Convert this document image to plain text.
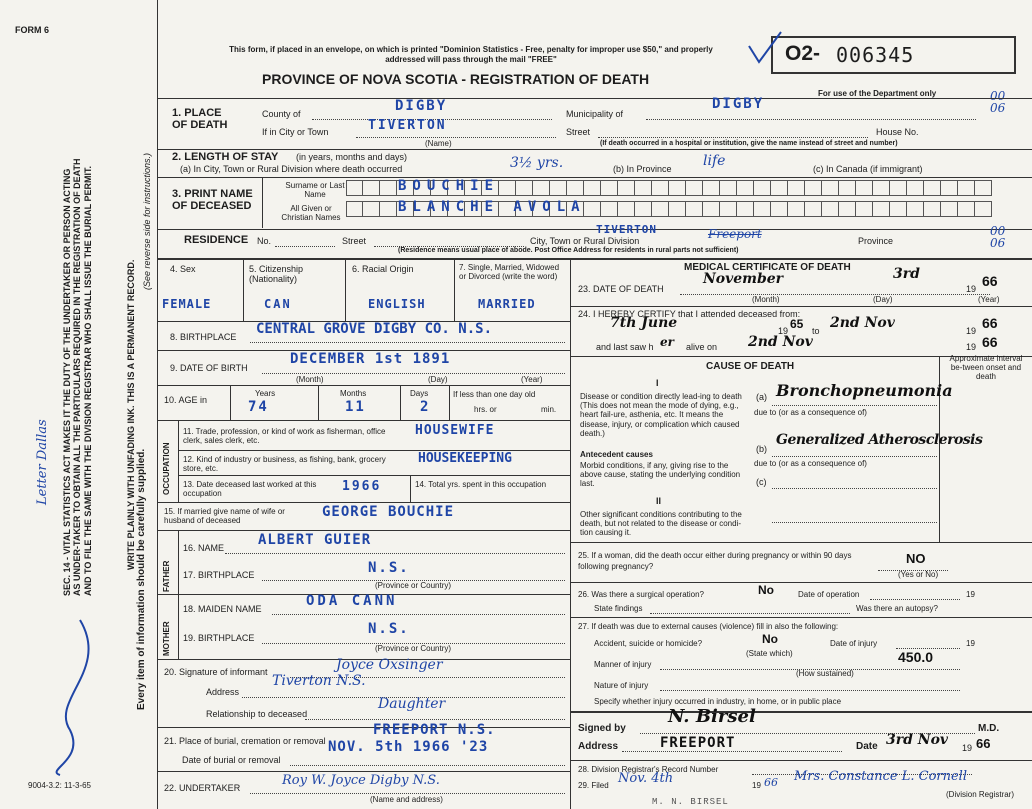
FORM 6
SEC. 14 - VITAL STATISTICS ACT MAKES IT THE DUTY OF THE UNDERTAKER OR PERSON ACTING AS UNDER-TAKER TO OBTAIN ALL THE PARTICULARS REQUIRED IN THE REGISTRATION OF DEATH AND TO FILE THE SAME WITH THE DIVISION REGISTRAR WHO SHALL ISSUE THE BURIAL PERMIT.	WRITE PLAINLY WITH UNFADING INK. THIS IS A PERMANENT RECORD.
(See reverse side for instructions.)
Every item of information should be carefully supplied.
Letter Dallas
9004-3.2: 11-3-65
This form, if placed in an envelope, on which is printed "Dominion Statistics - Free, penalty for improper use $50," and properly addressed will pass through the mail "FREE"
PROVINCE OF NOVA SCOTIA - REGISTRATION OF DEATH
O2- 006345
For use of the Department only	00 06
1. PLACE OF DEATH
County of	DIGBY	Municipality of
DIGBY
If in City or Town	TIVERTON
(Name)
Street	House No.
(If death occurred in a hospital or institution, give the name instead of street and number)
2. LENGTH OF STAY (in years, months and days)
(a) In City, Town or Rural Division where death occurred	3½ yrs.	(b) In Province life	(c) In Canada (if immigrant)
3. PRINT NAME OF DECEASED
Surname or Last Name
All Given or Christian Names
BOUCHIE
BLANCHE AVOLA
RESIDENCE No.	Street	City, Town or Rural Division
TIVERTON	Freeport	Province
00 06
(Residence means usual place of abode. Post Office Address for residents in rural parts not sufficient)
4. Sex	5. Citizenship (Nationality)
6. Racial Origin	7. Single, Married, Widowed or Divorced (write the word)
FEMALE	CAN	ENGLISH	MARRIED
8. BIRTHPLACE CENTRAL GROVE DIGBY CO. N.S.
9. DATE OF BIRTH
DECEMBER 1st 1891
(Month)	(Day)	(Year)
10. AGE in
Years	Months	Days
74	11	2
If less than one day old
hrs. or	min.
OCCUPATION
11. Trade, profession, or kind of work as fisherman, office clerk, sales clerk, etc.
HOUSEWIFE
12. Kind of industry or business, as fishing, bank, grocery store, etc.
HOUSEKEEPING
13. Date deceased last worked at this occupation	1966	14. Total yrs. spent in this occupation
15. If married give name of wife or husband of deceased
GEORGE BOUCHIE
FATHER
16. NAME ALBERT GUIER
17. BIRTHPLACE	N.S.
(Province or Country)
MOTHER
18. MAIDEN NAME	ODA CANN
19. BIRTHPLACE
N.S.
(Province or Country)
20. Signature of informant	Joyce Oxsinger
Address
Tiverton N.S.
Relationship to deceased
Daughter
21. Place of burial, cremation or removal
FREEPORT N.S.
Date of burial or removal
NOV. 5th 1966 '23
22. UNDERTAKER	Roy W. Joyce Digby N.S.
(Name and address)
MEDICAL CERTIFICATE OF DEATH
23. DATE OF DEATH
November	3rd
19 66
(Month)	(Day)	(Year)
24. I HEREBY CERTIFY that I attended deceased from:
7th June	19 65 to 2nd Nov	19 66
and last saw h er alive on 2nd Nov	19 66
CAUSE OF DEATH
Approximate interval be-tween onset and death
I
Disease or condition directly lead-ing to death (This does not mean the mode of dying, e.g., heart fail-ure, asthenia, etc. It means the disease, injury, or complication which caused death.)
(a) Bronchopneumonia
due to (or as a consequence of)
Antecedent causes
Morbid conditions, if any, giving rise to the above cause, stating the underlying condition last.
(b)
Generalized Atherosclerosis
due to (or as a consequence of)
(c)
II
Other significant conditions contributing to the death, but not related to the disease or condi-tion causing it.
25. If a woman, did the death occur either during pregnancy or within 90 days following pregnancy?
NO
(Yes or No)
26. Was there a surgical operation?	No	Date of operation	19
State findings	Was there an autopsy?
27. If death was due to external causes (violence) fill in also the following:
Accident, suicide or homicide?	No
(State which)
Date of injury	19
450.0
Manner of injury
(How sustained)
Nature of injury
Specify whether injury occurred in industry, in home, or in public place
Signed by
N. Birsel
M.D.
Address	FREEPORT	Date 3rd Nov 19 66
28. Division Registrar's Record Number
29. Filed Nov. 4th	19 66 Mrs. Constance L. Cornell
(Division Registrar)
M. N. BIRSEL
